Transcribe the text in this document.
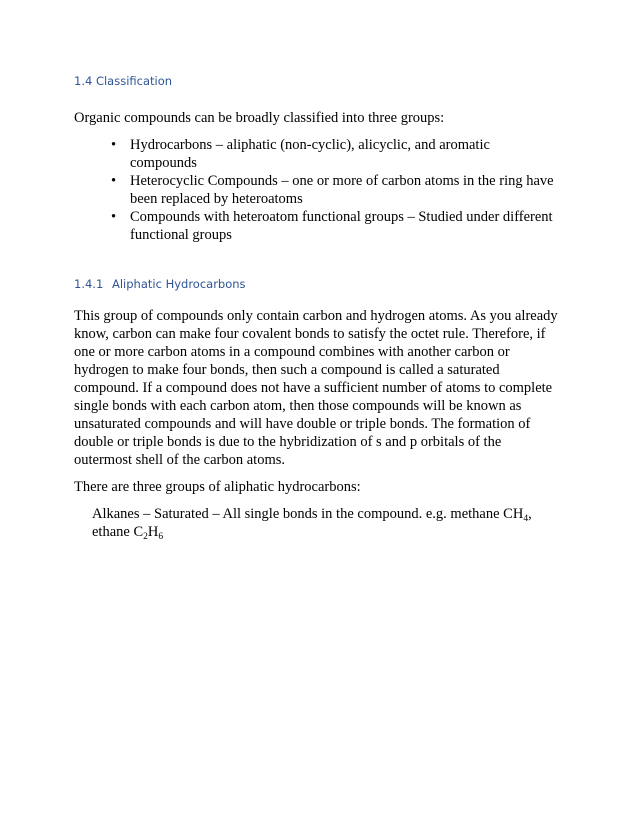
1.4 Classification
Organic compounds can be broadly classified into three groups:
• Hydrocarbons – aliphatic (non-cyclic), alicyclic, and aromatic compounds
• Heterocyclic Compounds – one or more of carbon atoms in the ring have been replaced by heteroatoms
• Compounds with heteroatom functional groups – Studied under different functional groups
1.4.1 Aliphatic Hydrocarbons
This group of compounds only contain carbon and hydrogen atoms. As you already know, carbon can make four covalent bonds to satisfy the octet rule. Therefore, if one or more carbon atoms in a compound combines with another carbon or hydrogen to make four bonds, then such a compound is called a saturated compound. If a compound does not have a sufficient number of atoms to complete single bonds with each carbon atom, then those compounds will be known as unsaturated compounds and will have double or triple bonds. The formation of double or triple bonds is due to the hybridization of s and p orbitals of the outermost shell of the carbon atoms.
There are three groups of aliphatic hydrocarbons:
Alkanes – Saturated – All single bonds in the compound. e.g. methane $CH_4$, ethane $C_2H_6$
